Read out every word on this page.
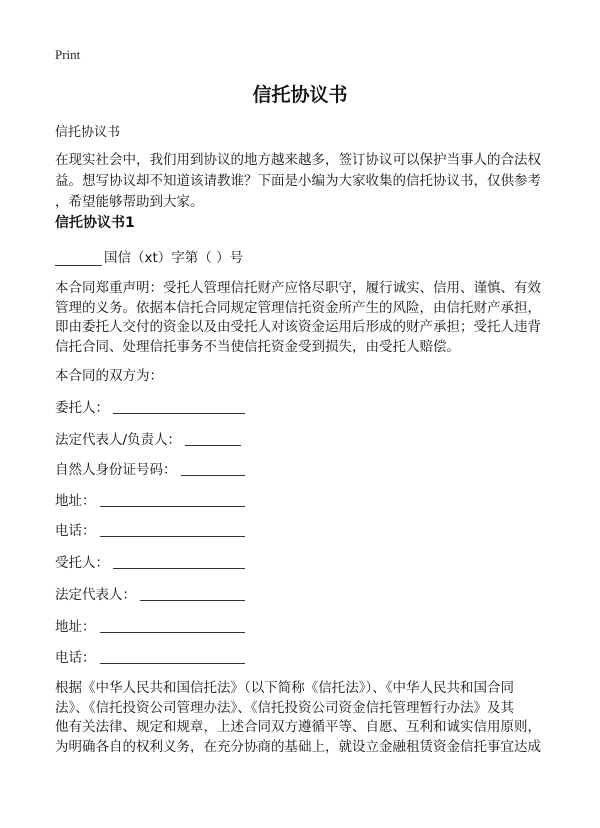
Print
信托协议书
信托协议书
在现实社会中，我们用到协议的地方越来越多，签订协议可以保护当事人的合法权
益。想写协议却不知道该请教谁？下面是小编为大家收集的信托协议书，仅供参考
，希望能够帮助到大家。
信托协议书1
国信（xt）字第（ ）号
本合同郑重声明：受托人管理信托财产应恪尽职守，履行诚实、信用、谨慎、有效
管理的义务。依据本信托合同规定管理信托资金所产生的风险，由信托财产承担，
即由委托人交付的资金以及由受托人对该资金运用后形成的财产承担；受托人违背
信托合同、处理信托事务不当使信托资金受到损失，由受托人赔偿。
本合同的双方为：
委托人：
法定代表人/负责人：
自然人身份证号码：
地址：
电话：
受托人：
法定代表人：
地址：
电话：
根据《中华人民共和国信托法》（以下简称《信托法》）、《中华人民共和国合同
法》、《信托投资公司管理办法》、《信托投资公司资金信托管理暂行办法》及其
他有关法律、规定和规章，上述合同双方遵循平等、自愿、互利和诚实信用原则，
为明确各自的权利义务，在充分协商的基础上，就设立金融租赁资金信托事宜达成
